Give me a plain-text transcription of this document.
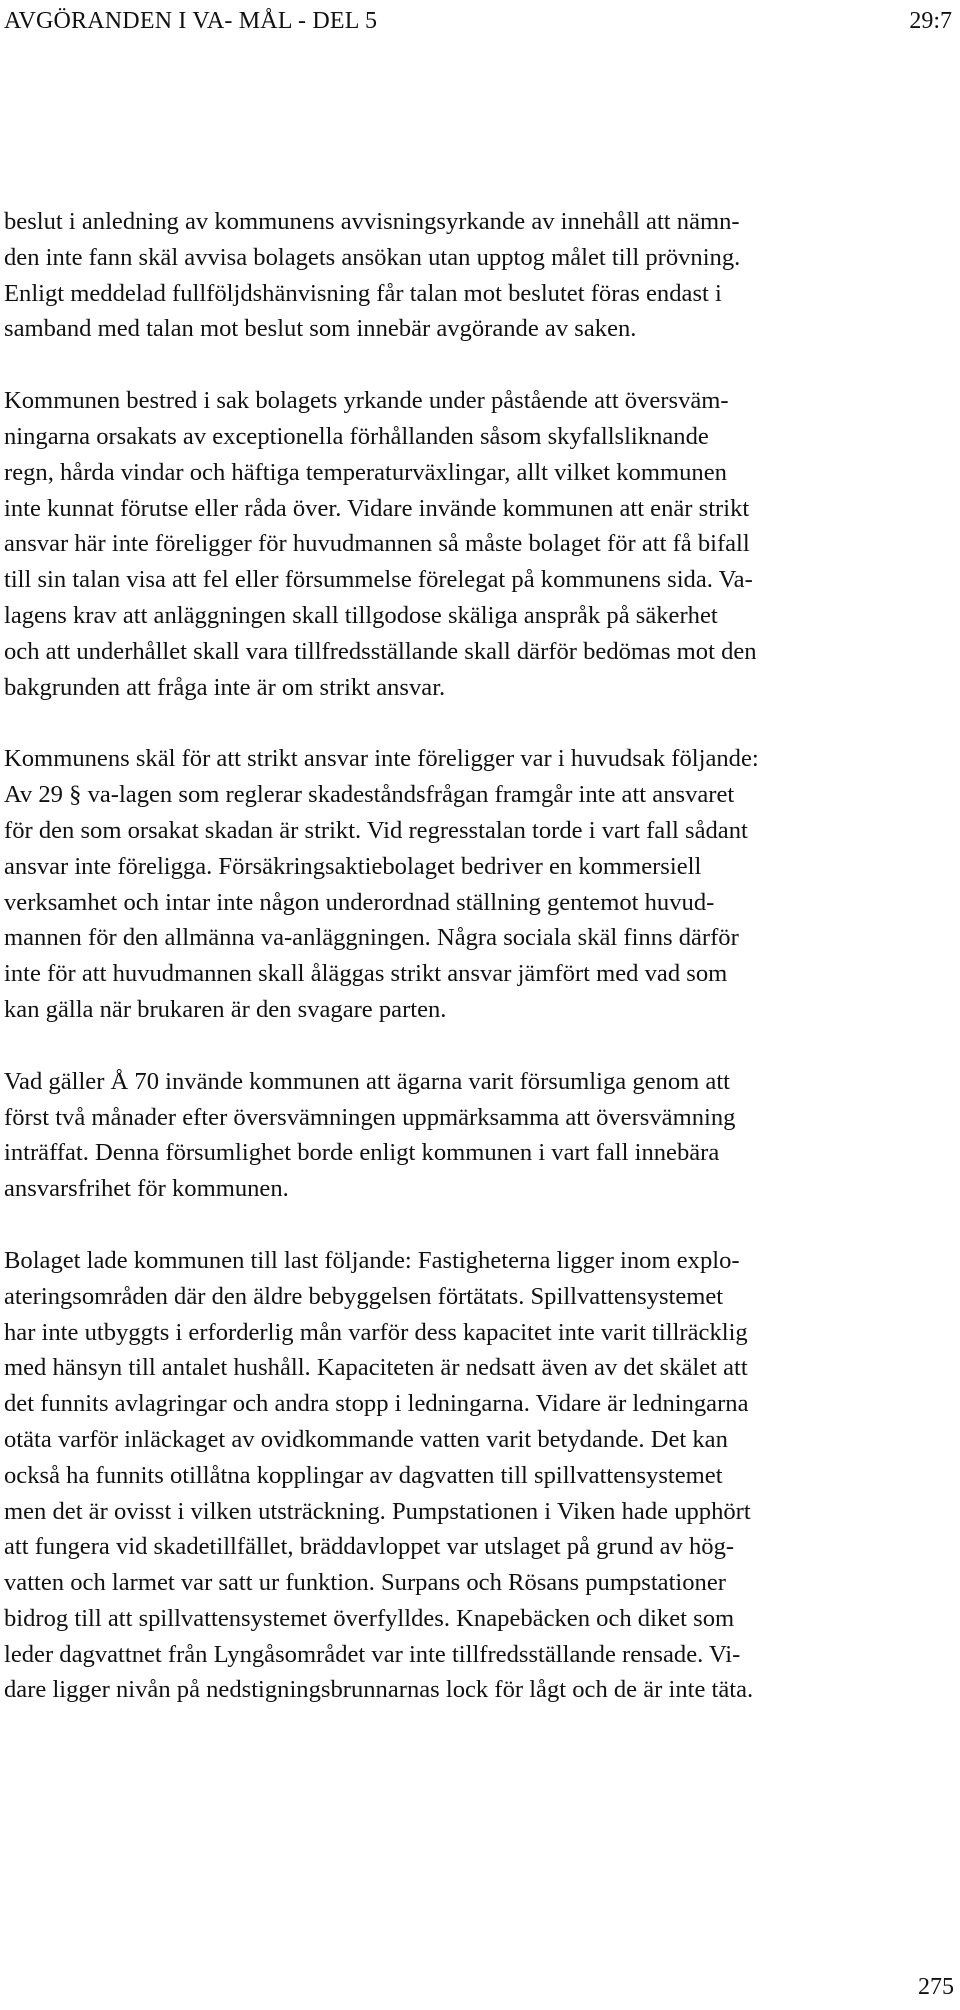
AVGÖRANDEN I VA- MÅL - DEL 5	29:7

beslut i anledning av kommunens avvisningsyrkande av innehåll att nämn-
den inte fann skäl avvisa bolagets ansökan utan upptog målet till prövning.
Enligt meddelad fullföljdshänvisning får talan mot beslutet föras endast i
samband med talan mot beslut som innebär avgörande av saken.

Kommunen bestred i sak bolagets yrkande under påstående att översväm-
ningarna orsakats av exceptionella förhållanden såsom skyfallsliknande
regn, hårda vindar och häftiga temperaturväxlingar, allt vilket kommunen
inte kunnat förutse eller råda över. Vidare invände kommunen att enär strikt
ansvar här inte föreligger för huvudmannen så måste bolaget för att få bifall
till sin talan visa att fel eller försummelse förelegat på kommunens sida. Va-
lagens krav att anläggningen skall tillgodose skäliga anspråk på säkerhet
och att underhållet skall vara tillfredsställande skall därför bedömas mot den
bakgrunden att fråga inte är om strikt ansvar.

Kommunens skäl för att strikt ansvar inte föreligger var i huvudsak följande:
Av 29 § va-lagen som reglerar skadeståndsfrågan framgår inte att ansvaret
för den som orsakat skadan är strikt. Vid regresstalan torde i vart fall sådant
ansvar inte föreligga. Försäkringsaktiebolaget bedriver en kommersiell
verksamhet och intar inte någon underordnad ställning gentemot huvud-
mannen för den allmänna va-anläggningen. Några sociala skäl finns därför
inte för att huvudmannen skall åläggas strikt ansvar jämfört med vad som
kan gälla när brukaren är den svagare parten.

Vad gäller Å 70 invände kommunen att ägarna varit försumliga genom att
först två månader efter översvämningen uppmärksamma att översvämning
inträffat. Denna försumlighet borde enligt kommunen i vart fall innebära
ansvarsfrihet för kommunen.

Bolaget lade kommunen till last följande: Fastigheterna ligger inom explo-
ateringsområden där den äldre bebyggelsen förtätats. Spillvattensystemet
har inte utbyggts i erforderlig mån varför dess kapacitet inte varit tillräcklig
med hänsyn till antalet hushåll. Kapaciteten är nedsatt även av det skälet att
det funnits avlagringar och andra stopp i ledningarna. Vidare är ledningarna
otäta varför inläckaget av ovidkommande vatten varit betydande. Det kan
också ha funnits otillåtna kopplingar av dagvatten till spillvattensystemet
men det är ovisst i vilken utsträckning. Pumpstationen i Viken hade upphört
att fungera vid skadetillfället, bräddavloppet var utslaget på grund av hög-
vatten och larmet var satt ur funktion. Surpans och Rösans pumpstationer
bidrog till att spillvattensystemet överfylldes. Knapebäcken och diket som
leder dagvattnet från Lyngåsområdet var inte tillfredsställande rensade. Vi-
dare ligger nivån på nedstigningsbrunnarnas lock för lågt och de är inte täta.

275
